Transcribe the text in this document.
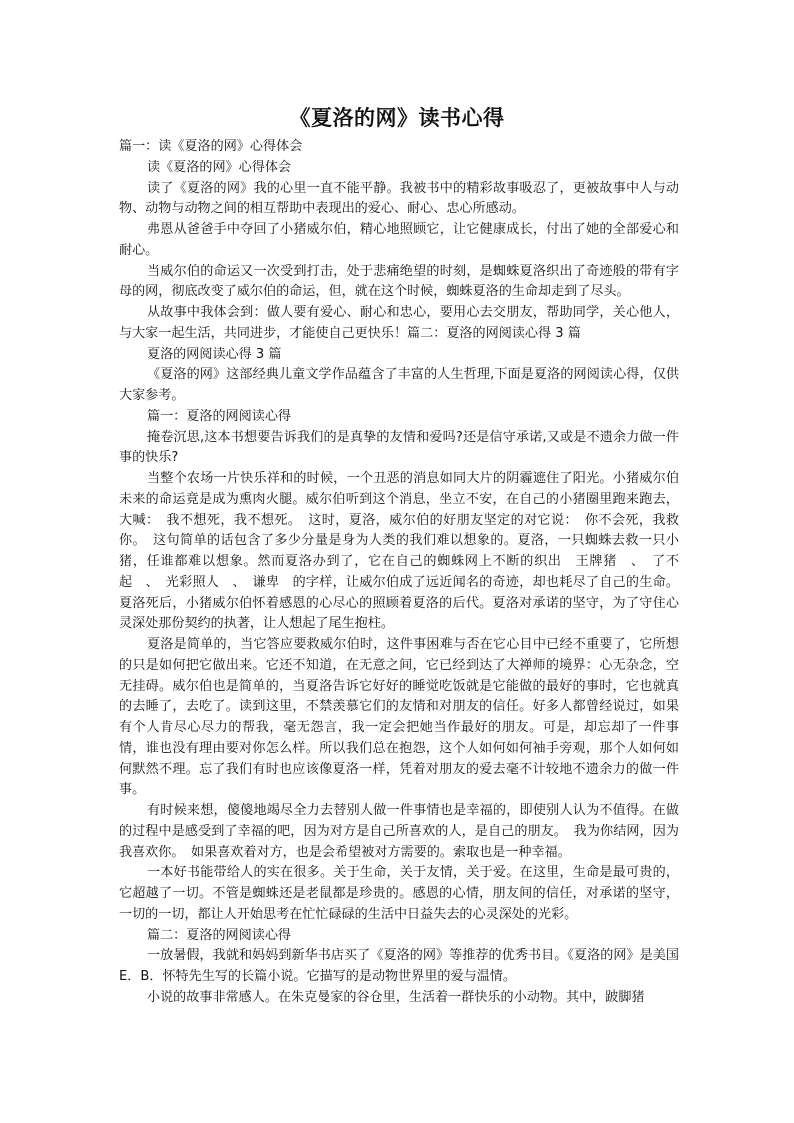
《夏洛的网》读书心得

篇一：读《夏洛的网》心得体会

读《夏洛的网》心得体会

读了《夏洛的网》我的心里一直不能平静。我被书中的精彩故事吸忍了，更被故事中人与动物、动物与动物之间的相互帮助中表现出的爱心、耐心、忠心所感动。

弗恩从爸爸手中夺回了小猪威尔伯，精心地照顾它，让它健康成长，付出了她的全部爱心和耐心。

当威尔伯的命运又一次受到打击，处于悲痛绝望的时刻，是蜘蛛夏洛织出了奇迹般的带有字母的网，彻底改变了威尔伯的命运，但，就在这个时候，蜘蛛夏洛的生命却走到了尽头。

从故事中我体会到：做人要有爱心、耐心和忠心，要用心去交朋友，帮助同学，关心他人，与大家一起生活，共同进步，才能使自己更快乐！篇二：夏洛的网阅读心得 3 篇

夏洛的网阅读心得 3 篇

《夏洛的网》这部经典儿童文学作品蕴含了丰富的人生哲理,下面是夏洛的网阅读心得，仅供大家参考。

篇一：夏洛的网阅读心得

掩卷沉思,这本书想要告诉我们的是真挚的友情和爱吗?还是信守承诺,又或是不遗余力做一件事的快乐?

当整个农场一片快乐祥和的时候，一个丑恶的消息如同大片的阴霾遮住了阳光。小猪威尔伯未来的命运竟是成为熏肉火腿。威尔伯听到这个消息，坐立不安，在自己的小猪圈里跑来跑去，大喊：　我不想死，我不想死。　这时，夏洛，威尔伯的好朋友坚定的对它说：　你不会死，我救你。　这句简单的话包含了多少分量是身为人类的我们难以想象的。夏洛，一只蜘蛛去救一只小猪，任谁都难以想象。然而夏洛办到了，它在自己的蜘蛛网上不断的织出　王牌猪　、　了不起　、　光彩照人　、　谦卑　的字样，让威尔伯成了远近闻名的奇迹，却也耗尽了自己的生命。夏洛死后，小猪威尔伯怀着感恩的心尽心的照顾着夏洛的后代。夏洛对承诺的坚守，为了守住心灵深处那份契约的执著，让人想起了尾生抱柱。

夏洛是简单的，当它答应要救威尔伯时，这件事困难与否在它心目中已经不重要了，它所想的只是如何把它做出来。它还不知道，在无意之间，它已经到达了大禅师的境界：心无杂念，空无挂碍。威尔伯也是简单的，当夏洛告诉它好好的睡觉吃饭就是它能做的最好的事时，它也就真的去睡了，去吃了。读到这里，不禁羡慕它们的友情和对朋友的信任。好多人都曾经说过，如果有个人肯尽心尽力的帮我，毫无怨言，我一定会把她当作最好的朋友。可是，却忘却了一件事情，谁也没有理由要对你怎么样。所以我们总在抱怨，这个人如何如何袖手旁观，那个人如何如何默然不理。忘了我们有时也应该像夏洛一样，凭着对朋友的爱去毫不计较地不遗余力的做一件事。

有时候来想，傻傻地竭尽全力去替别人做一件事情也是幸福的，即使别人认为不值得。在做的过程中是感受到了幸福的吧，因为对方是自己所喜欢的人，是自己的朋友。　我为你结网，因为我喜欢你。　如果喜欢着对方，也是会希望被对方需要的。索取也是一种幸福。

一本好书能带给人的实在很多。关于生命，关于友情，关于爱。在这里，生命是最可贵的，它超越了一切。不管是蜘蛛还是老鼠都是珍贵的。感恩的心情，朋友间的信任，对承诺的坚守，一切的一切，都让人开始思考在忙忙碌碌的生活中日益失去的心灵深处的光彩。

篇二：夏洛的网阅读心得

一放暑假，我就和妈妈到新华书店买了《夏洛的网》等推荐的优秀书目。《夏洛的网》是美国 E．B．怀特先生写的长篇小说。它描写的是动物世界里的爱与温情。

小说的故事非常感人。在朱克曼家的谷仓里，生活着一群快乐的小动物。其中，跛脚猪
